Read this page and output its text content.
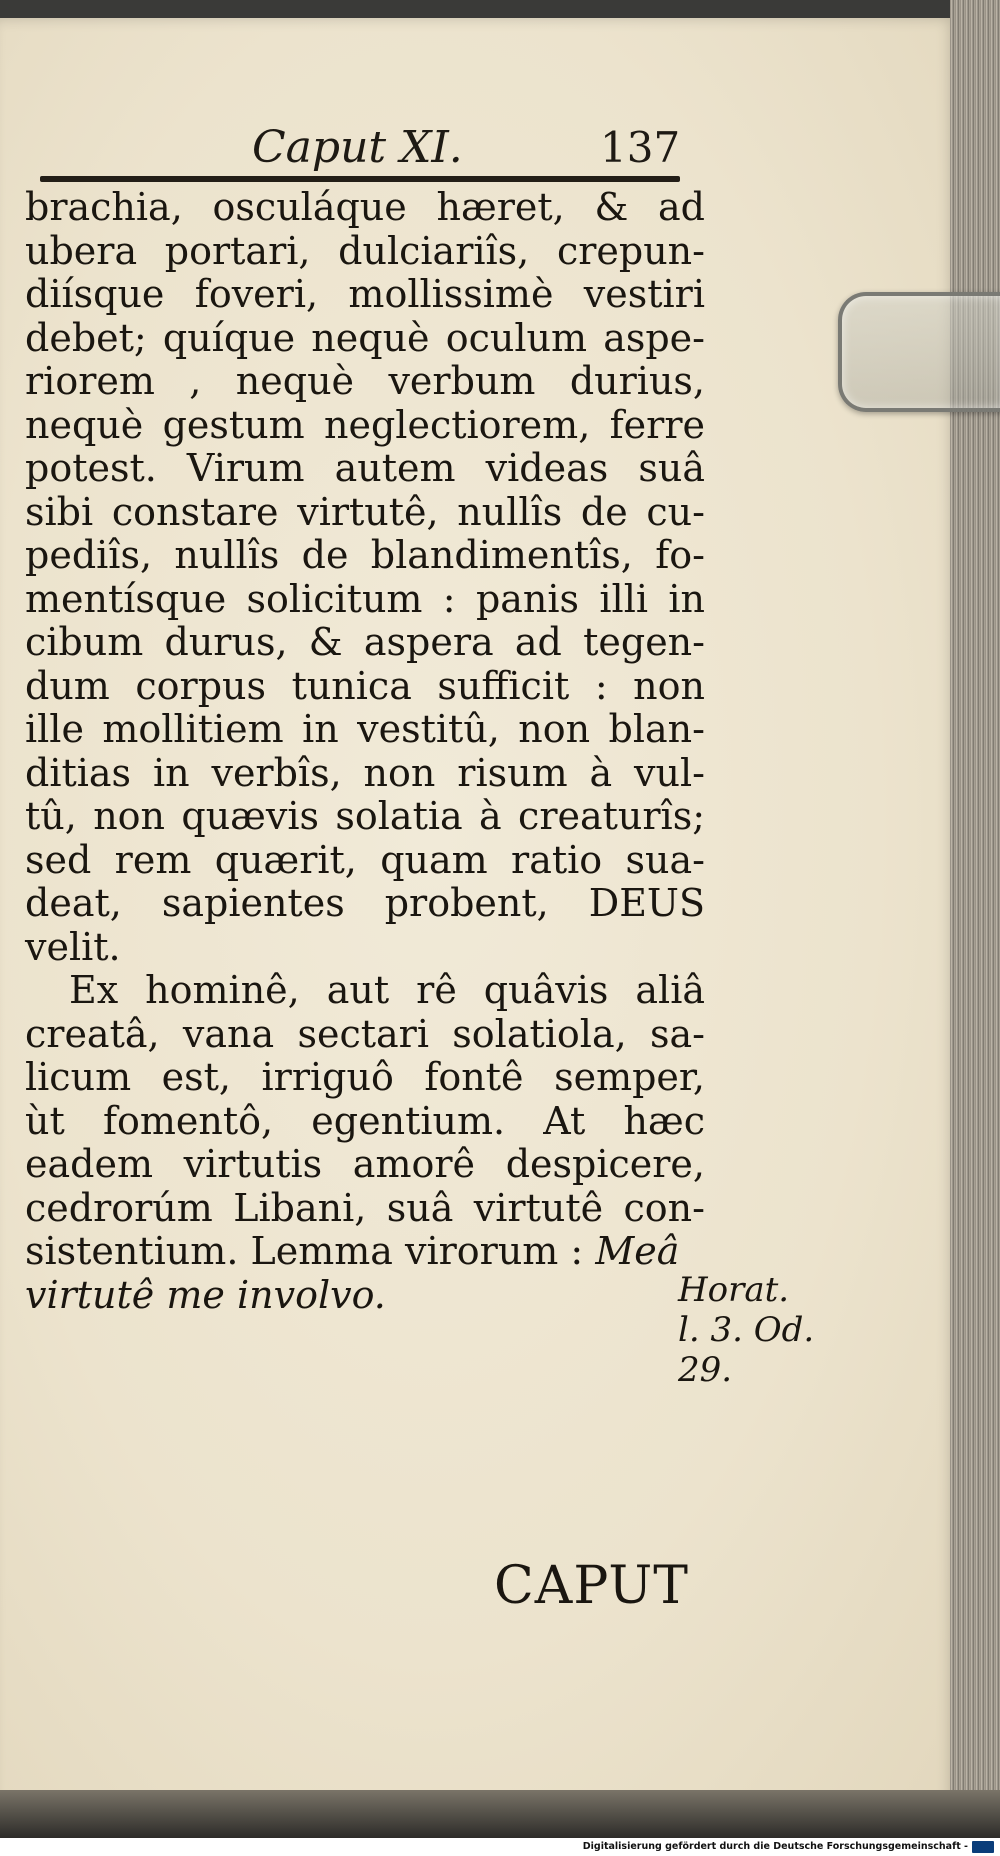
Caput XI.	137
brachia, osculáque hæret, & ad
ubera portari, dulciariîs, crepun-
diísque foveri, mollissimè vestiri
debet; quíque nequè oculum aspe-
riorem , nequè verbum durius,
nequè gestum neglectiorem, ferre
potest. Virum autem videas suâ
sibi constare virtutê, nullîs de cu-
pediîs, nullîs de blandimentîs, fo-
mentísque solicitum : panis illi in
cibum durus, & aspera ad tegen-
dum corpus tunica sufficit : non
ille mollitiem in vestitû, non blan-
ditias in verbîs, non risum à vul-
tû, non quævis solatia à creaturîs;
sed rem quærit, quam ratio sua-
deat, sapientes probent, DEUS
velit.
Ex hominê, aut rê quâvis aliâ
creatâ, vana sectari solatiola, sa-
licum est, irriguô fontê semper,
ùt fomentô, egentium. At hæc
eadem virtutis amorê despicere,
cedrorúm Libani, suâ virtutê con-
sistentium. Lemma virorum : Meâ
virtutê me involvo.	Horat.
l. 3. Od.
29.
CAPUT
Digitalisierung gefördert durch die Deutsche Forschungsgemeinschaft -
